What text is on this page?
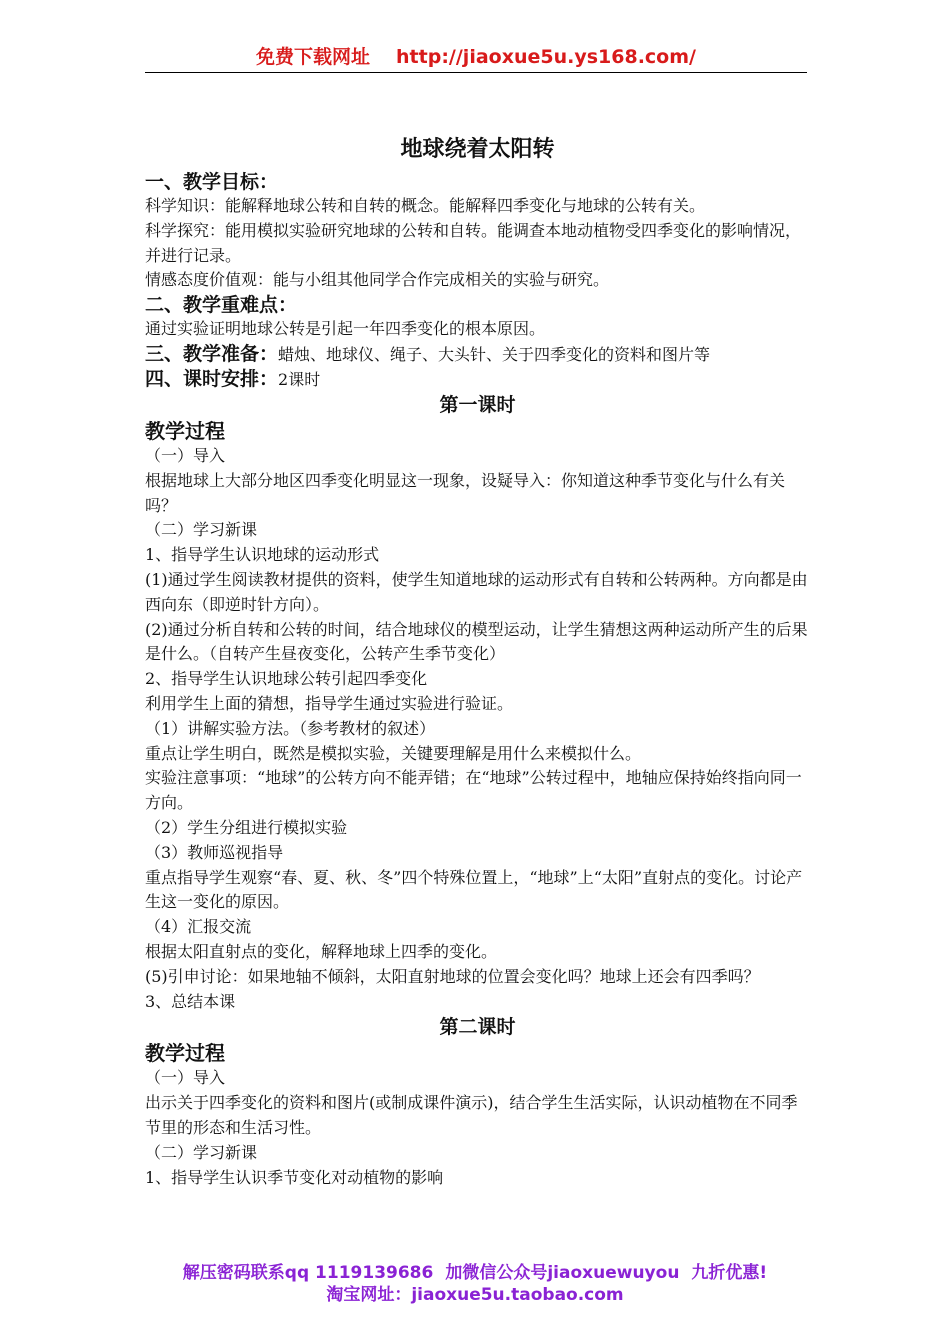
免费下载网址 http://jiaoxue5u.ys168.com/
地球绕着太阳转
一、教学目标：
科学知识：能解释地球公转和自转的概念。能解释四季变化与地球的公转有关。
科学探究：能用模拟实验研究地球的公转和自转。能调查本地动植物受四季变化的影响情况，并进行记录。
情感态度价值观：能与小组其他同学合作完成相关的实验与研究。
二、教学重难点：
通过实验证明地球公转是引起一年四季变化的根本原因。
三、教学准备：蜡烛、地球仪、绳子、大头针、关于四季变化的资料和图片等
四、课时安排：2课时
第一课时
教学过程
（一）导入
根据地球上大部分地区四季变化明显这一现象，设疑导入：你知道这种季节变化与什么有关吗？
（二）学习新课
1、指导学生认识地球的运动形式
(1)通过学生阅读教材提供的资料，使学生知道地球的运动形式有自转和公转两种。方向都是由西向东（即逆时针方向）。
(2)通过分析自转和公转的时间，结合地球仪的模型运动，让学生猜想这两种运动所产生的后果是什么。（自转产生昼夜变化，公转产生季节变化）
2、指导学生认识地球公转引起四季变化
利用学生上面的猜想，指导学生通过实验进行验证。
（1）讲解实验方法。（参考教材的叙述）
重点让学生明白，既然是模拟实验，关键要理解是用什么来模拟什么。
实验注意事项：“地球”的公转方向不能弄错；在“地球”公转过程中，地轴应保持始终指向同一方向。
（2）学生分组进行模拟实验
（3）教师巡视指导
重点指导学生观察“春、夏、秋、冬”四个特殊位置上，“地球”上“太阳”直射点的变化。讨论产生这一变化的原因。
（4）汇报交流
根据太阳直射点的变化，解释地球上四季的变化。
(5)引申讨论：如果地轴不倾斜，太阳直射地球的位置会变化吗？地球上还会有四季吗？
3、总结本课
第二课时
教学过程
（一）导入
出示关于四季变化的资料和图片(或制成课件演示)，结合学生生活实际，认识动植物在不同季节里的形态和生活习性。
（二）学习新课
1、指导学生认识季节变化对动植物的影响
解压密码联系qq 1119139686 加微信公众号jiaoxuewuyou 九折优惠!
淘宝网址：jiaoxue5u.taobao.com
